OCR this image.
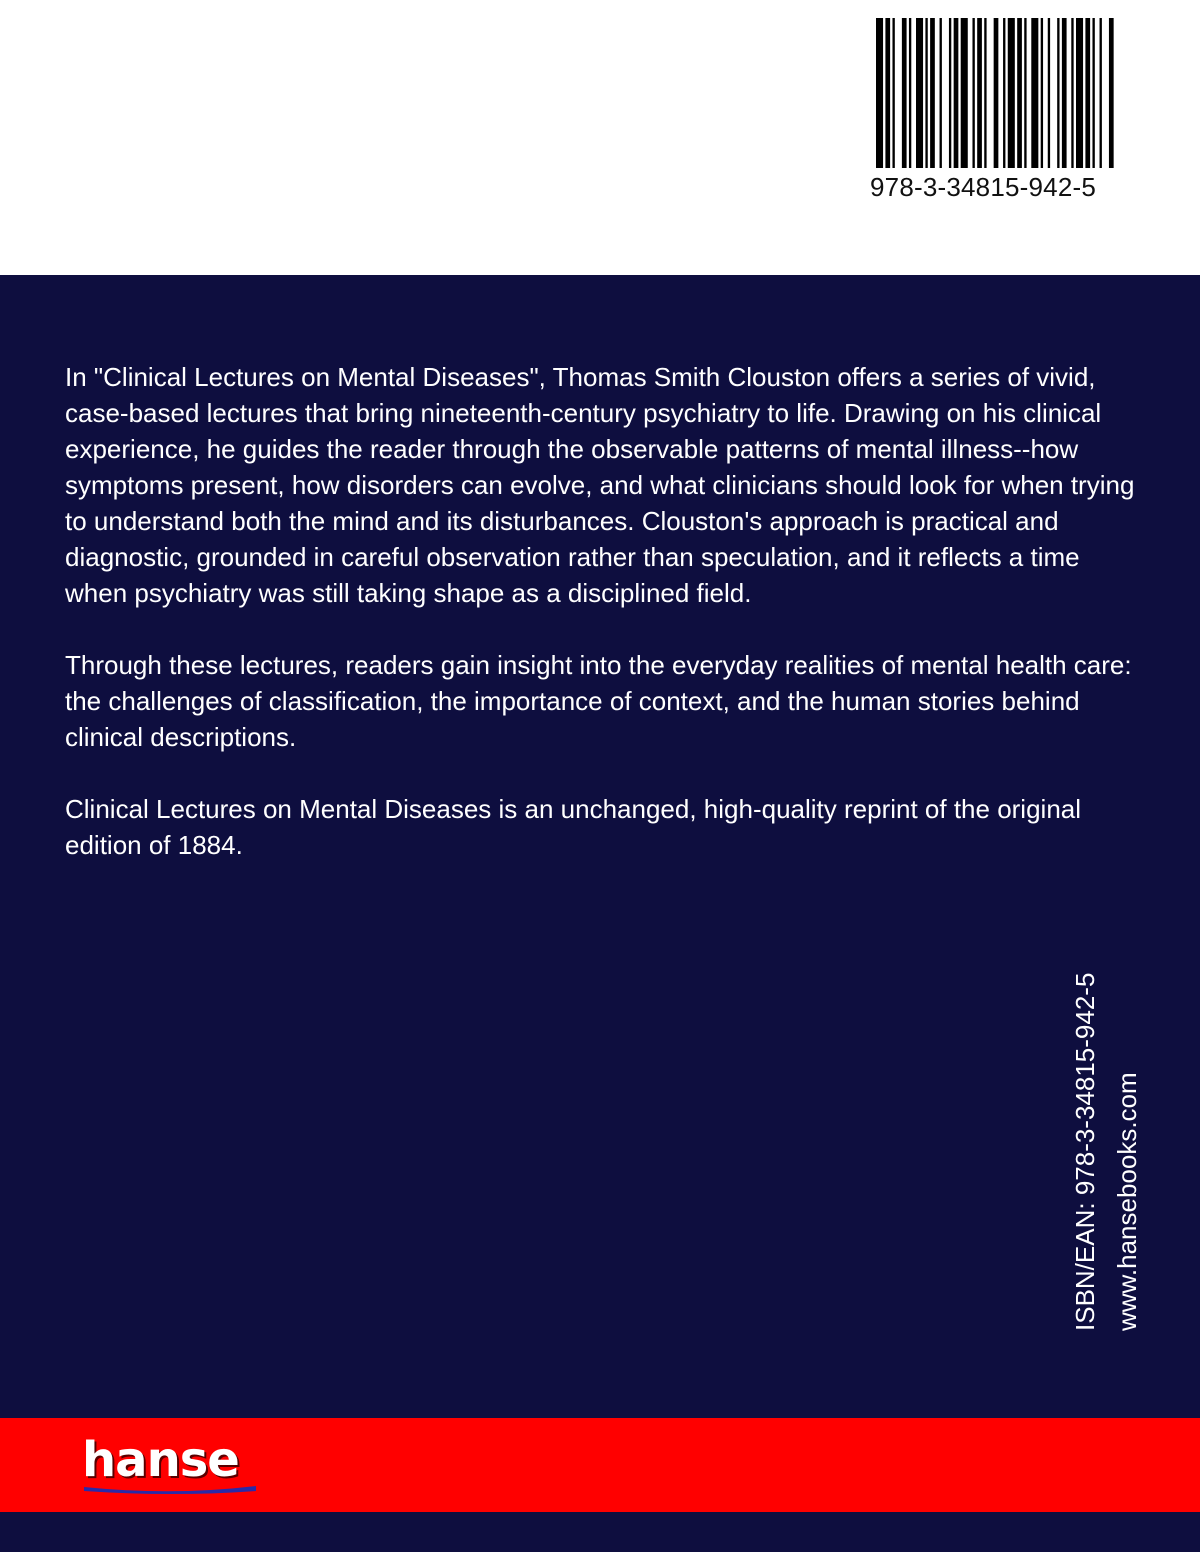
978-3-34815-942-5

In "Clinical Lectures on Mental Diseases", Thomas Smith Clouston offers a series of vivid, case-based lectures that bring nineteenth-century psychiatry to life. Drawing on his clinical experience, he guides the reader through the observable patterns of mental illness--how symptoms present, how disorders can evolve, and what clinicians should look for when trying to understand both the mind and its disturbances. Clouston's approach is practical and diagnostic, grounded in careful observation rather than speculation, and it reflects a time when psychiatry was still taking shape as a disciplined field.

Through these lectures, readers gain insight into the everyday realities of mental health care: the challenges of classification, the importance of context, and the human stories behind clinical descriptions.

Clinical Lectures on Mental Diseases is an unchanged, high-quality reprint of the original edition of 1884.

ISBN/EAN: 978-3-34815-942-5 www.hansebooks.com
hanse
